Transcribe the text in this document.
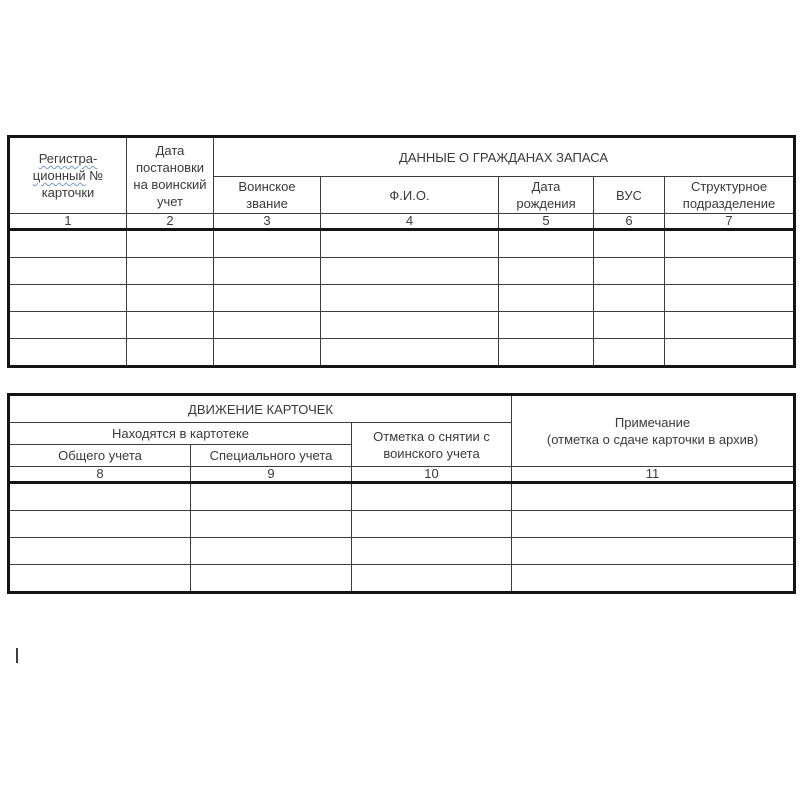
Регистра-
ционный №
карточки	Дата постановки на воинский учет	ДАННЫЕ О ГРАЖДАНАХ ЗАПАСА				
		Воинское звание	Ф.И.О.	Дата рождения	ВУС	Структурное подразделение
1	2	3	4	5	6	7

ДВИЖЕНИЕ КАРТОЧЕК			Примечание
(отметка о сдаче карточки в архив)

Находятся в картотеке		Отметка о снятии с воинского учета	
Общего учета	Специального учета		
8	9	10	11
